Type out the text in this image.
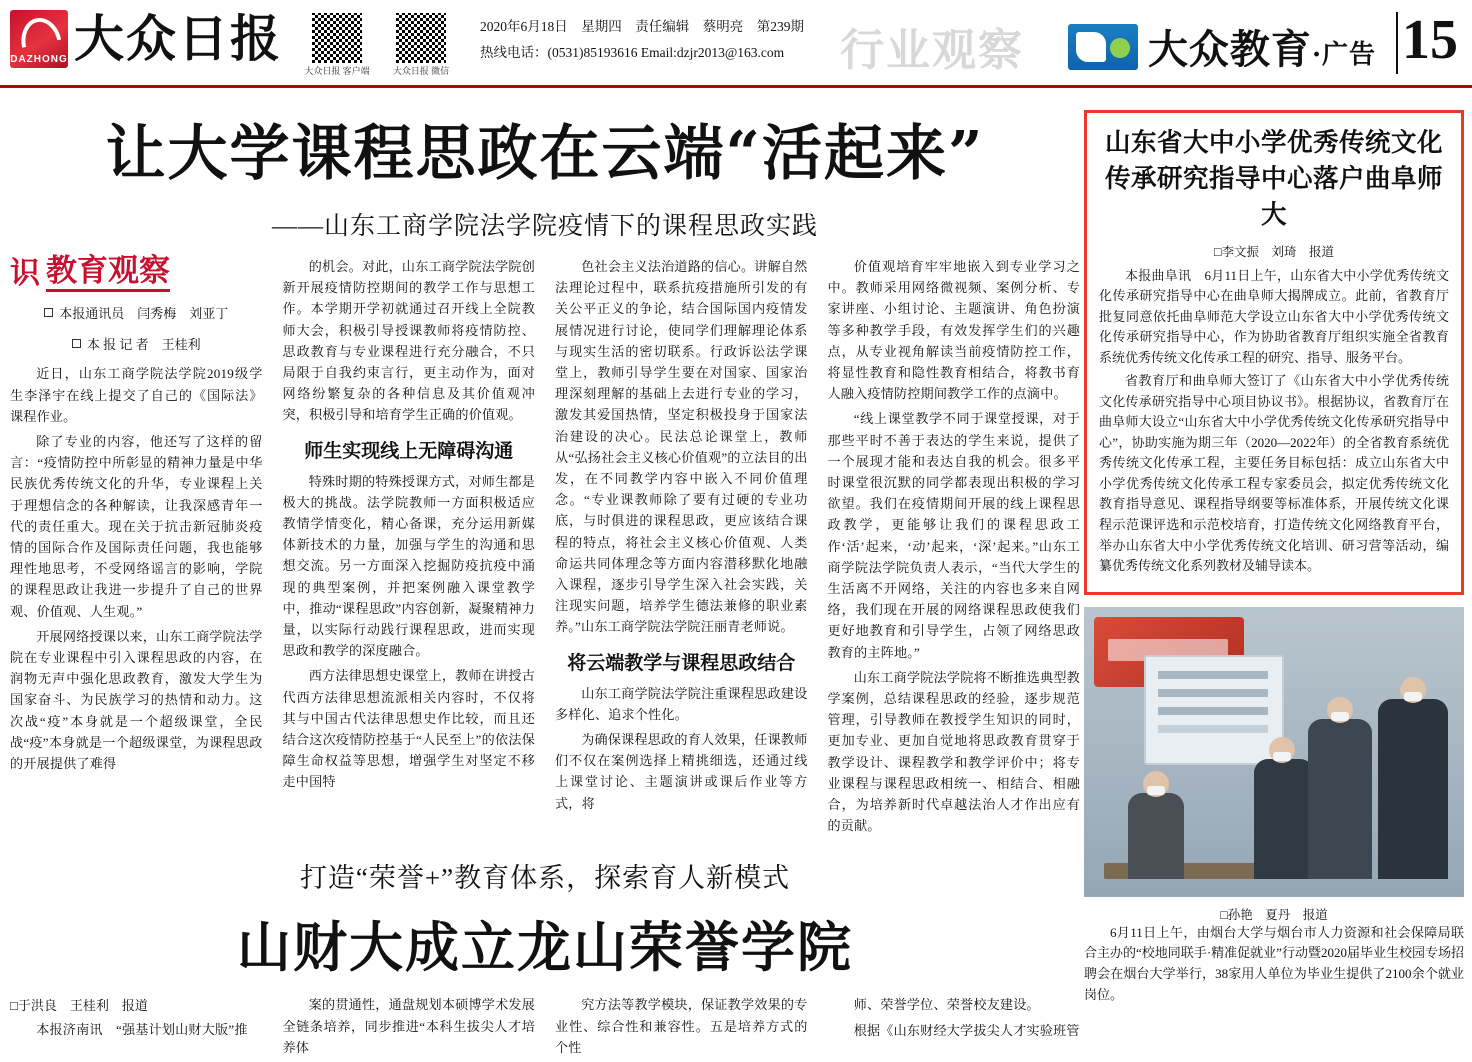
DAZHONG 大众日报
大众日报 客户端	大众日报 微信
2020年6月18日　星期四　责任编辑　蔡明亮　第239期
热线电话：(0531)85193616 Email:dzjr2013@163.com	行业观察	大众教育·广告 15
让大学课程思政在云端“活起来”
——山东工商学院法学院疫情下的课程思政实践
识 教育观察
本报通讯员　闫秀梅　刘亚丁
本 报 记 者　王桂利

近日，山东工商学院法学院2019级学生李泽宇在线上提交了自己的《国际法》课程作业。

除了专业的内容，他还写了这样的留言：“疫情防控中所彰显的精神力量是中华民族优秀传统文化的升华，专业课程上关于理想信念的各种解读，让我深感青年一代的责任重大。现在关于抗击新冠肺炎疫情的国际合作及国际责任问题，我也能够理性地思考，不受网络谣言的影响，学院的课程思政让我进一步提升了自己的世界观、价值观、人生观。”

开展网络授课以来，山东工商学院法学院在专业课程中引入课程思政的内容，在润物无声中强化思政教育，激发大学生为国家奋斗、为民族学习的热情和动力。这次战“疫”本身就是一个超级课堂，全民战“疫”本身就是一个超级课堂，为课程思政的开展提供了难得

的机会。对此，山东工商学院法学院创新开展疫情防控期间的教学工作与思想工作。本学期开学初就通过召开线上全院教师大会，积极引导授课教师将疫情防控、思政教育与专业课程进行充分融合，不只局限于自我约束言行，更主动作为，面对网络纷繁复杂的各种信息及其价值观冲突，积极引导和培育学生正确的价值观。

师生实现线上无障碍沟通

特殊时期的特殊授课方式，对师生都是极大的挑战。法学院教师一方面积极适应教情学情变化，精心备课，充分运用新媒体新技术的力量，加强与学生的沟通和思想交流。另一方面深入挖掘防疫抗疫中涌现的典型案例，并把案例融入课堂教学中，推动“课程思政”内容创新，凝聚精神力量，以实际行动践行课程思政，进而实现思政和教学的深度融合。

西方法律思想史课堂上，教师在讲授古代西方法律思想流派相关内容时，不仅将其与中国古代法律思想史作比较，而且还结合这次疫情防控基于“人民至上”的依法保障生命权益等思想，增强学生对坚定不移走中国特

色社会主义法治道路的信心。讲解自然法理论过程中，联系抗疫措施所引发的有关公平正义的争论，结合国际国内疫情发展情况进行讨论，使同学们理解理论体系与现实生活的密切联系。行政诉讼法学课堂上，教师引导学生要在对国家、国家治理深刻理解的基础上去进行专业的学习，激发其爱国热情，坚定积极投身于国家法治建设的决心。民法总论课堂上，教师从“弘扬社会主义核心价值观”的立法目的出发，在不同教学内容中嵌入不同价值理念。“专业课教师除了要有过硬的专业功底，与时俱进的课程思政，更应该结合课程的特点，将社会主义核心价值观、人类命运共同体理念等方面内容潜移默化地融入课程，逐步引导学生深入社会实践，关注现实问题，培养学生德法兼修的职业素养。”山东工商学院法学院汪丽青老师说。

将云端教学与课程思政结合

山东工商学院法学院注重课程思政建设多样化、追求个性化。

为确保课程思政的育人效果，任课教师们不仅在案例选择上精挑细选，还通过线上课堂讨论、主题演讲或课后作业等方式，将

价值观培育牢牢地嵌入到专业学习之中。教师采用网络微视频、案例分析、专家讲座、小组讨论、主题演讲、角色扮演等多种教学手段，有效发挥学生们的兴趣点，从专业视角解读当前疫情防控工作，将显性教育和隐性教育相结合，将教书育人融入疫情防控期间教学工作的点滴中。

“线上课堂教学不同于课堂授课，对于那些平时不善于表达的学生来说，提供了一个展现才能和表达自我的机会。很多平时课堂很沉默的同学都表现出积极的学习欲望。我们在疫情期间开展的线上课程思政教学，更能够让我们的课程思政工作‘活’起来，‘动’起来，‘深’起来。”山东工商学院法学院负责人表示，“当代大学生的生活离不开网络，关注的内容也多来自网络，我们现在开展的网络课程思政使我们更好地教育和引导学生，占领了网络思政教育的主阵地。”

山东工商学院法学院将不断推选典型教学案例，总结课程思政的经验，逐步规范管理，引导教师在教授学生知识的同时，更加专业、更加自觉地将思政教育贯穿于教学设计、课程教学和教学评价中；将专业课程与课程思政相统一、相结合、相融合，为培养新时代卓越法治人才作出应有的贡献。

打造“荣誉+”教育体系，探索育人新模式
山财大成立龙山荣誉学院
□于洪良　王桂利　报道

本报济南讯　“强基计划山财大版”推

案的贯通性，通盘规划本硕博学术发展全链条培养，同步推进“本科生拔尖人才培养体

究方法等教学模块，保证教学效果的专业性、综合性和兼容性。五是培养方式的个性

师、荣誉学位、荣誉校友建设。

根据《山东财经大学拔尖人才实验班管

山东省大中小学优秀传统文化传承研究指导中心落户曲阜师大
□李文振　刘琦　报道

本报曲阜讯　6月11日上午，山东省大中小学优秀传统文化传承研究指导中心在曲阜师大揭牌成立。此前，省教育厅批复同意依托曲阜师范大学设立山东省大中小学优秀传统文化传承研究指导中心，作为协助省教育厅组织实施全省教育系统优秀传统文化传承工程的研究、指导、服务平台。

省教育厅和曲阜师大签订了《山东省大中小学优秀传统文化传承研究指导中心项目协议书》。根据协议，省教育厅在曲阜师大设立“山东省大中小学优秀传统文化传承研究指导中心”，协助实施为期三年（2020—2022年）的全省教育系统优秀传统文化传承工程，主要任务目标包括：成立山东省大中小学优秀传统文化传承工程专家委员会，拟定优秀传统文化教育指导意见、课程指导纲要等标准体系，开展传统文化课程示范课评选和示范校培育，打造传统文化网络教育平台，举办山东省大中小学优秀传统文化培训、研习营等活动，编纂优秀传统文化系列教材及辅导读本。

□孙艳　夏丹　报道

6月11日上午，由烟台大学与烟台市人力资源和社会保障局联合主办的“校地同联手·精准促就业”行动暨2020届毕业生校园专场招聘会在烟台大学举行，38家用人单位为毕业生提供了2100余个就业岗位。
